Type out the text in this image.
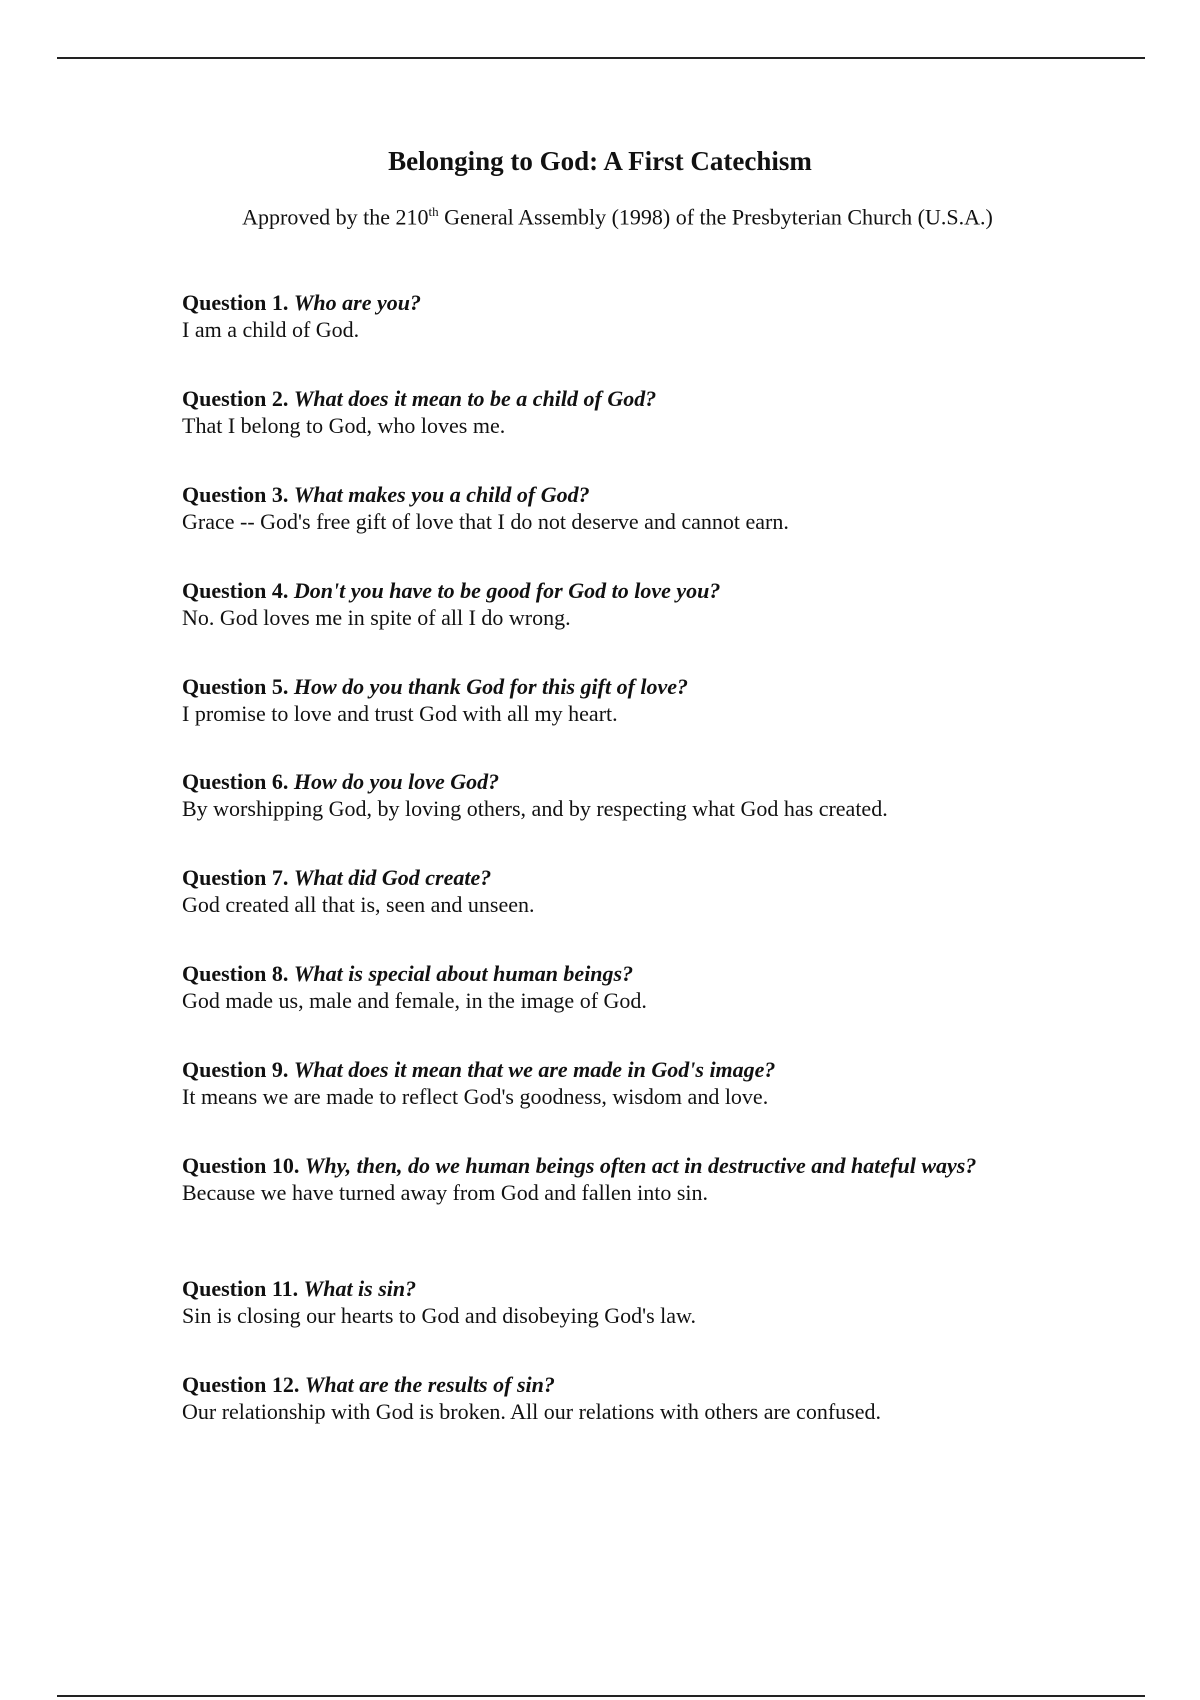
Belonging to God: A First Catechism

Approved by the 210th General Assembly (1998) of the Presbyterian Church (U.S.A.)

Question 1. Who are you?
I am a child of God.
Question 2. What does it mean to be a child of God?
That I belong to God, who loves me.
Question 3. What makes you a child of God?
Grace -- God's free gift of love that I do not deserve and cannot earn.
Question 4. Don't you have to be good for God to love you?
No. God loves me in spite of all I do wrong.
Question 5. How do you thank God for this gift of love?
I promise to love and trust God with all my heart.
Question 6. How do you love God?
By worshipping God, by loving others, and by respecting what God has created.
Question 7. What did God create?
God created all that is, seen and unseen.
Question 8. What is special about human beings?
God made us, male and female, in the image of God.
Question 9. What does it mean that we are made in God's image?
It means we are made to reflect God's goodness, wisdom and love.
Question 10. Why, then, do we human beings often act in destructive and hateful ways?
Because we have turned away from God and fallen into sin.
Question 11. What is sin?
Sin is closing our hearts to God and disobeying God's law.
Question 12. What are the results of sin?
Our relationship with God is broken. All our relations with others are confused.
